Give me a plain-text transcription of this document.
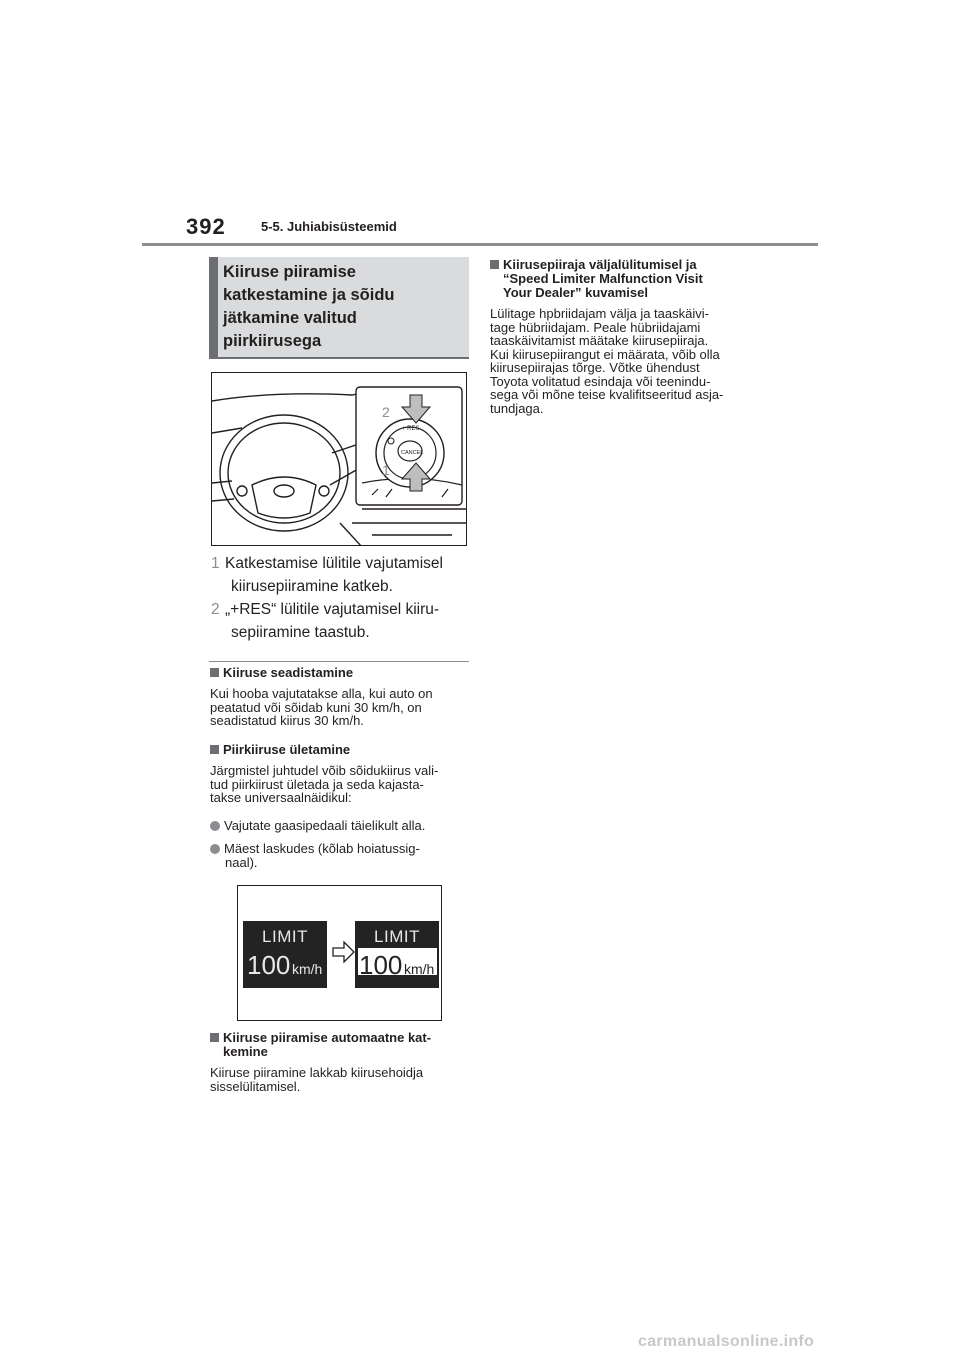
392	5-5. Juhiabisüsteemid
Kiiruse piiramise
katkestamine ja sõidu
jätkamine valitud
piirkiirusega
2
1
+ RES
CANCEL
1 Katkestamise lülitile vajutamisel
kiirusepiiramine katkeb.
2 „+RES“ lülitile vajutamisel kiiru-
sepiiramine taastub.
Kiiruse seadistamine
Kui hooba vajutatakse alla, kui auto on
peatatud või sõidab kuni 30 km/h, on
seadistatud kiirus 30 km/h.
Piirkiiruse ületamine
Järgmistel juhtudel võib sõidukiirus vali-
tud piirkiirust ületada ja seda kajasta-
takse universaalnäidikul:
Vajutate gaasipedaali täielikult alla.
Mäest laskudes (kõlab hoiatussig-
naal).
LIMIT
100 km/h
LIMIT
100 km/h
Kiiruse piiramise automaatne kat-
kemine
Kiiruse piiramine lakkab kiirusehoidja
sisselülitamisel.
Kiirusepiiraja väljalülitumisel ja
“Speed Limiter Malfunction Visit
Your Dealer” kuvamisel
Lülitage hpbriidajam välja ja taaskäivi-
tage hübriidajam. Peale hübriidajami
taaskäivitamist määtake kiirusepiiraja.
Kui kiirusepiirangut ei määrata, võib olla
kiirusepiirajas tõrge. Võtke ühendust
Toyota volitatud esindaja või teenindu-
sega või mõne teise kvalifitseeritud asja-
tundjaga.
carmanualsonline.info
